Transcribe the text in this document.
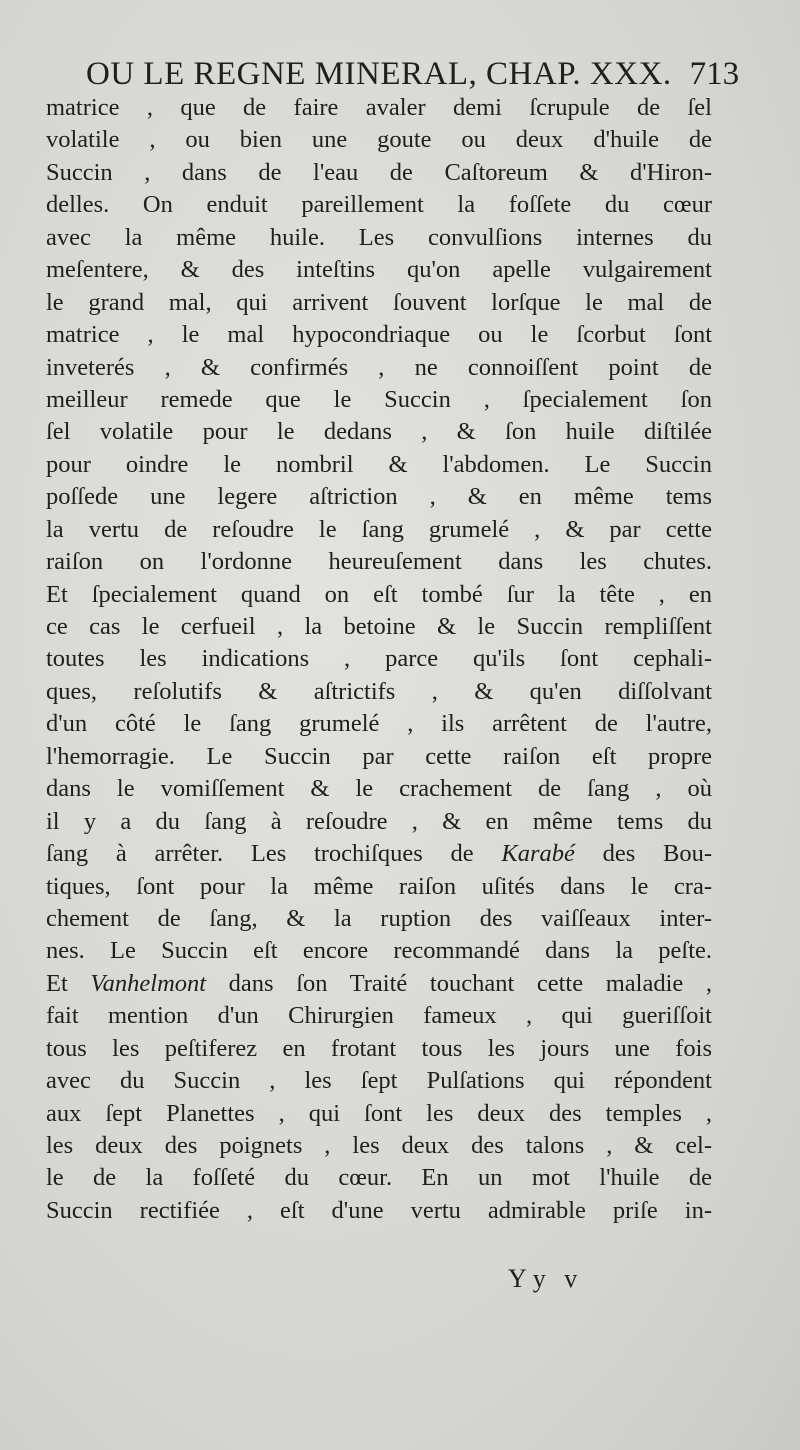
OU LE REGNE MINERAL, CHAP. XXX. 713
matrice , que de faire avaler demi ſcrupule de ſel
volatile , ou bien une goute ou deux d'huile de
Succin , dans de l'eau de Caſtoreum & d'Hiron-
delles. On enduit pareillement la foſſete du cœur
avec la même huile. Les convulſions internes du
meſentere, & des inteſtins qu'on apelle vulgairement
le grand mal, qui arrivent ſouvent lorſque le mal de
matrice , le mal hypocondriaque ou le ſcorbut ſont
inveterés , & confirmés , ne connoiſſent point de
meilleur remede que le Succin , ſpecialement ſon
ſel volatile pour le dedans , & ſon huile diſtilée
pour oindre le nombril & l'abdomen. Le Succin
poſſede une legere aſtriction , & en même tems
la vertu de reſoudre le ſang grumelé , & par cette
raiſon on l'ordonne heureuſement dans les chutes.
Et ſpecialement quand on eſt tombé ſur la tête , en
ce cas le cerfueil , la betoine & le Succin rempliſſent
toutes les indications , parce qu'ils ſont cephali-
ques, reſolutifs & aſtrictifs , & qu'en diſſolvant
d'un côté le ſang grumelé , ils arrêtent de l'autre,
l'hemorragie. Le Succin par cette raiſon eſt propre
dans le vomiſſement & le crachement de ſang , où
il y a du ſang à reſoudre , & en même tems du
ſang à arrêter. Les trochiſques de Karabé des Bou-
tiques, ſont pour la même raiſon uſités dans le cra-
chement de ſang, & la ruption des vaiſſeaux inter-
nes. Le Succin eſt encore recommandé dans la peſte.
Et Vanhelmont dans ſon Traité touchant cette maladie ,
fait mention d'un Chirurgien fameux , qui gueriſſoit
tous les peſtiferez en frotant tous les jours une fois
avec du Succin , les ſept Pulſations qui répondent
aux ſept Planettes , qui ſont les deux des temples ,
les deux des poignets , les deux des talons , & cel-
le de la foſſeté du cœur. En un mot l'huile de
Succin rectifiée , eſt d'une vertu admirable priſe in-
Yy v
